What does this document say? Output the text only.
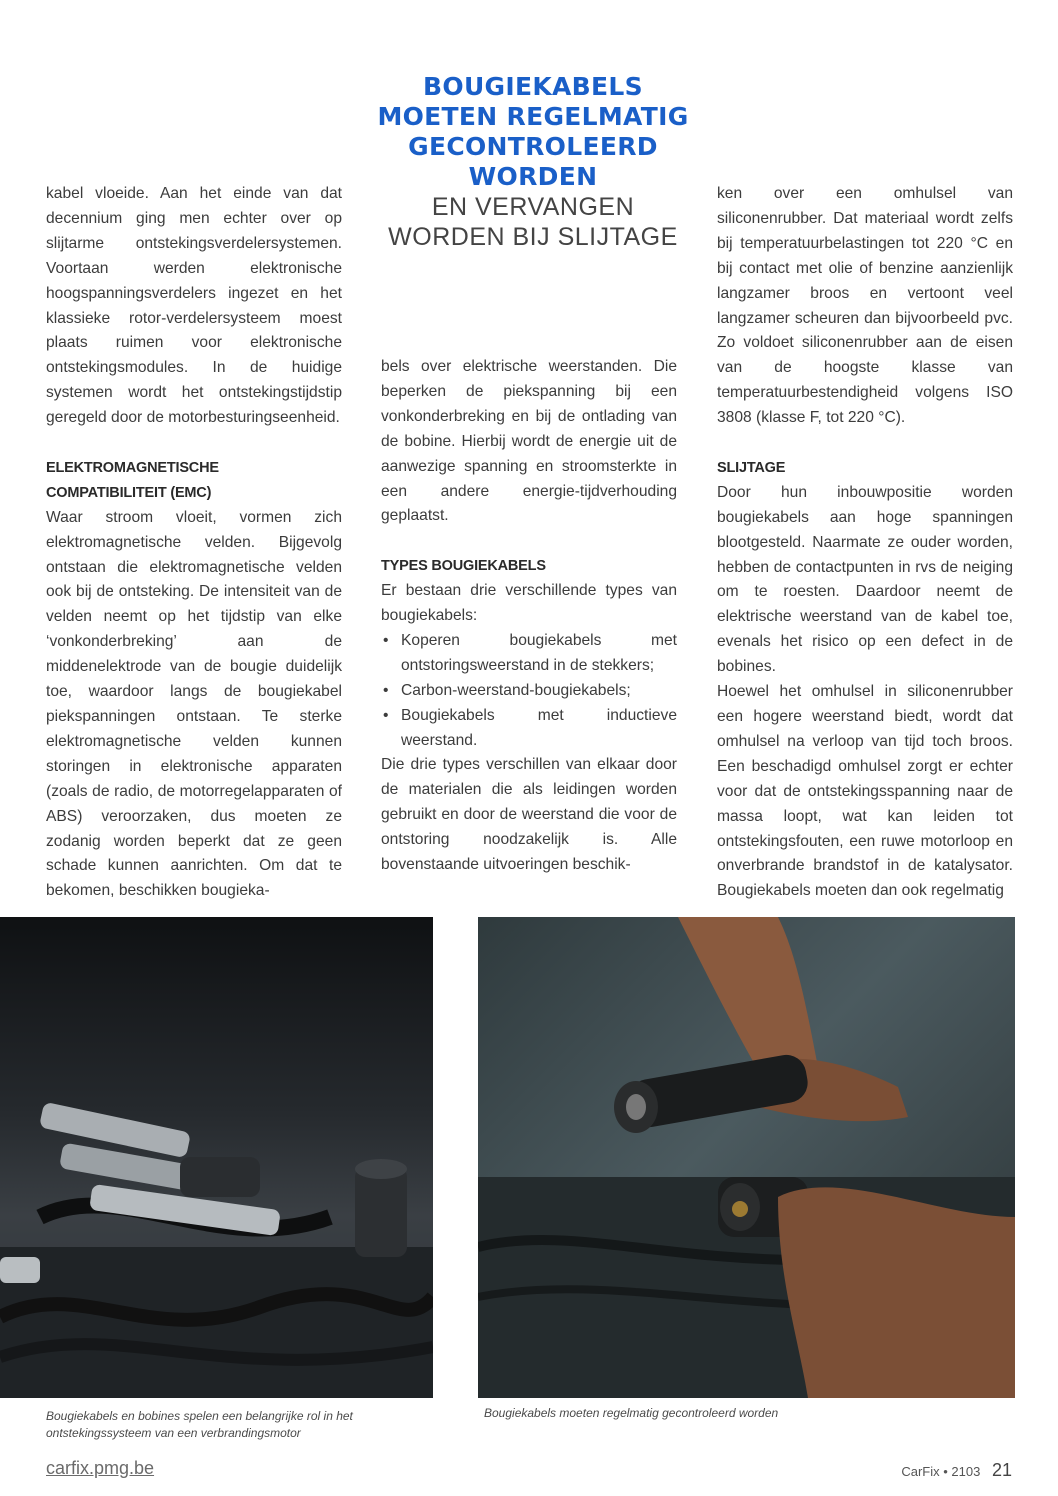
BOUGIEKABELS
MOETEN REGELMATIG
GECONTROLEERD
WORDEN
EN VERVANGEN
WORDEN BIJ SLIJTAGE

kabel vloeide. Aan het einde van dat decennium ging men echter over op slijtarme ontstekingsverdelersystemen. Voortaan werden elektronische hoogspanningsverdelers ingezet en het klassieke rotor-verdelersysteem moest plaats ruimen voor elektronische ontstekingsmodules. In de huidige systemen wordt het ontstekingstijdstip geregeld door de motorbesturingseenheid.

ELEKTROMAGNETISCHE
COMPATIBILITEIT (EMC)

Waar stroom vloeit, vormen zich elektromagnetische velden. Bijgevolg ontstaan die elektromagnetische velden ook bij de ontsteking. De intensiteit van de velden neemt op het tijdstip van elke ‘vonkonderbreking’ aan de middenelektrode van de bougie duidelijk toe, waardoor langs de bougiekabel piekspanningen ontstaan. Te sterke elektromagnetische velden kunnen storingen in elektronische apparaten (zoals de radio, de motorregelapparaten of ABS) veroorzaken, dus moeten ze zodanig worden beperkt dat ze geen schade kunnen aanrichten. Om dat te bekomen, beschikken bougieka-

bels over elektrische weerstanden. Die beperken de piekspanning bij een vonkonderbreking en bij de ontlading van de bobine. Hierbij wordt de energie uit de aanwezige spanning en stroomsterkte in een andere energie-tijdverhouding geplaatst.

TYPES BOUGIEKABELS

Er bestaan drie verschillende types van bougiekabels:

• Koperen bougiekabels met ontstoringsweerstand in de stekkers;
• Carbon-weerstand-bougiekabels;
• Bougiekabels met inductieve weerstand.

Die drie types verschillen van elkaar door de materialen die als leidingen worden gebruikt en door de weerstand die voor de ontstoring noodzakelijk is. Alle bovenstaande uitvoeringen beschik-

ken over een omhulsel van siliconenrubber. Dat materiaal wordt zelfs bij temperatuurbelastingen tot 220 °C en bij contact met olie of benzine aanzienlijk langzamer broos en vertoont veel langzamer scheuren dan bijvoorbeeld pvc. Zo voldoet siliconenrubber aan de eisen van de hoogste klasse van temperatuurbestendigheid volgens ISO 3808 (klasse F, tot 220 °C).

SLIJTAGE

Door hun inbouwpositie worden bougiekabels aan hoge spanningen blootgesteld. Naarmate ze ouder worden, hebben de contactpunten in rvs de neiging om te roesten. Daardoor neemt de elektrische weerstand van de kabel toe, evenals het risico op een defect in de bobines.

Hoewel het omhulsel in siliconenrubber een hogere weerstand biedt, wordt dat omhulsel na verloop van tijd toch broos. Een beschadigd omhulsel zorgt er echter voor dat de ontstekingsspanning naar de massa loopt, wat kan leiden tot ontstekingsfouten, een ruwe motorloop en onverbrande brandstof in de katalysator. Bougiekabels moeten dan ook regelmatig

Bougiekabels en bobines spelen een belangrijke rol in het ontstekingssysteem van een verbrandingsmotor
Bougiekabels moeten regelmatig gecontroleerd worden
carfix.pmg.be	CarFix • 2103 21
